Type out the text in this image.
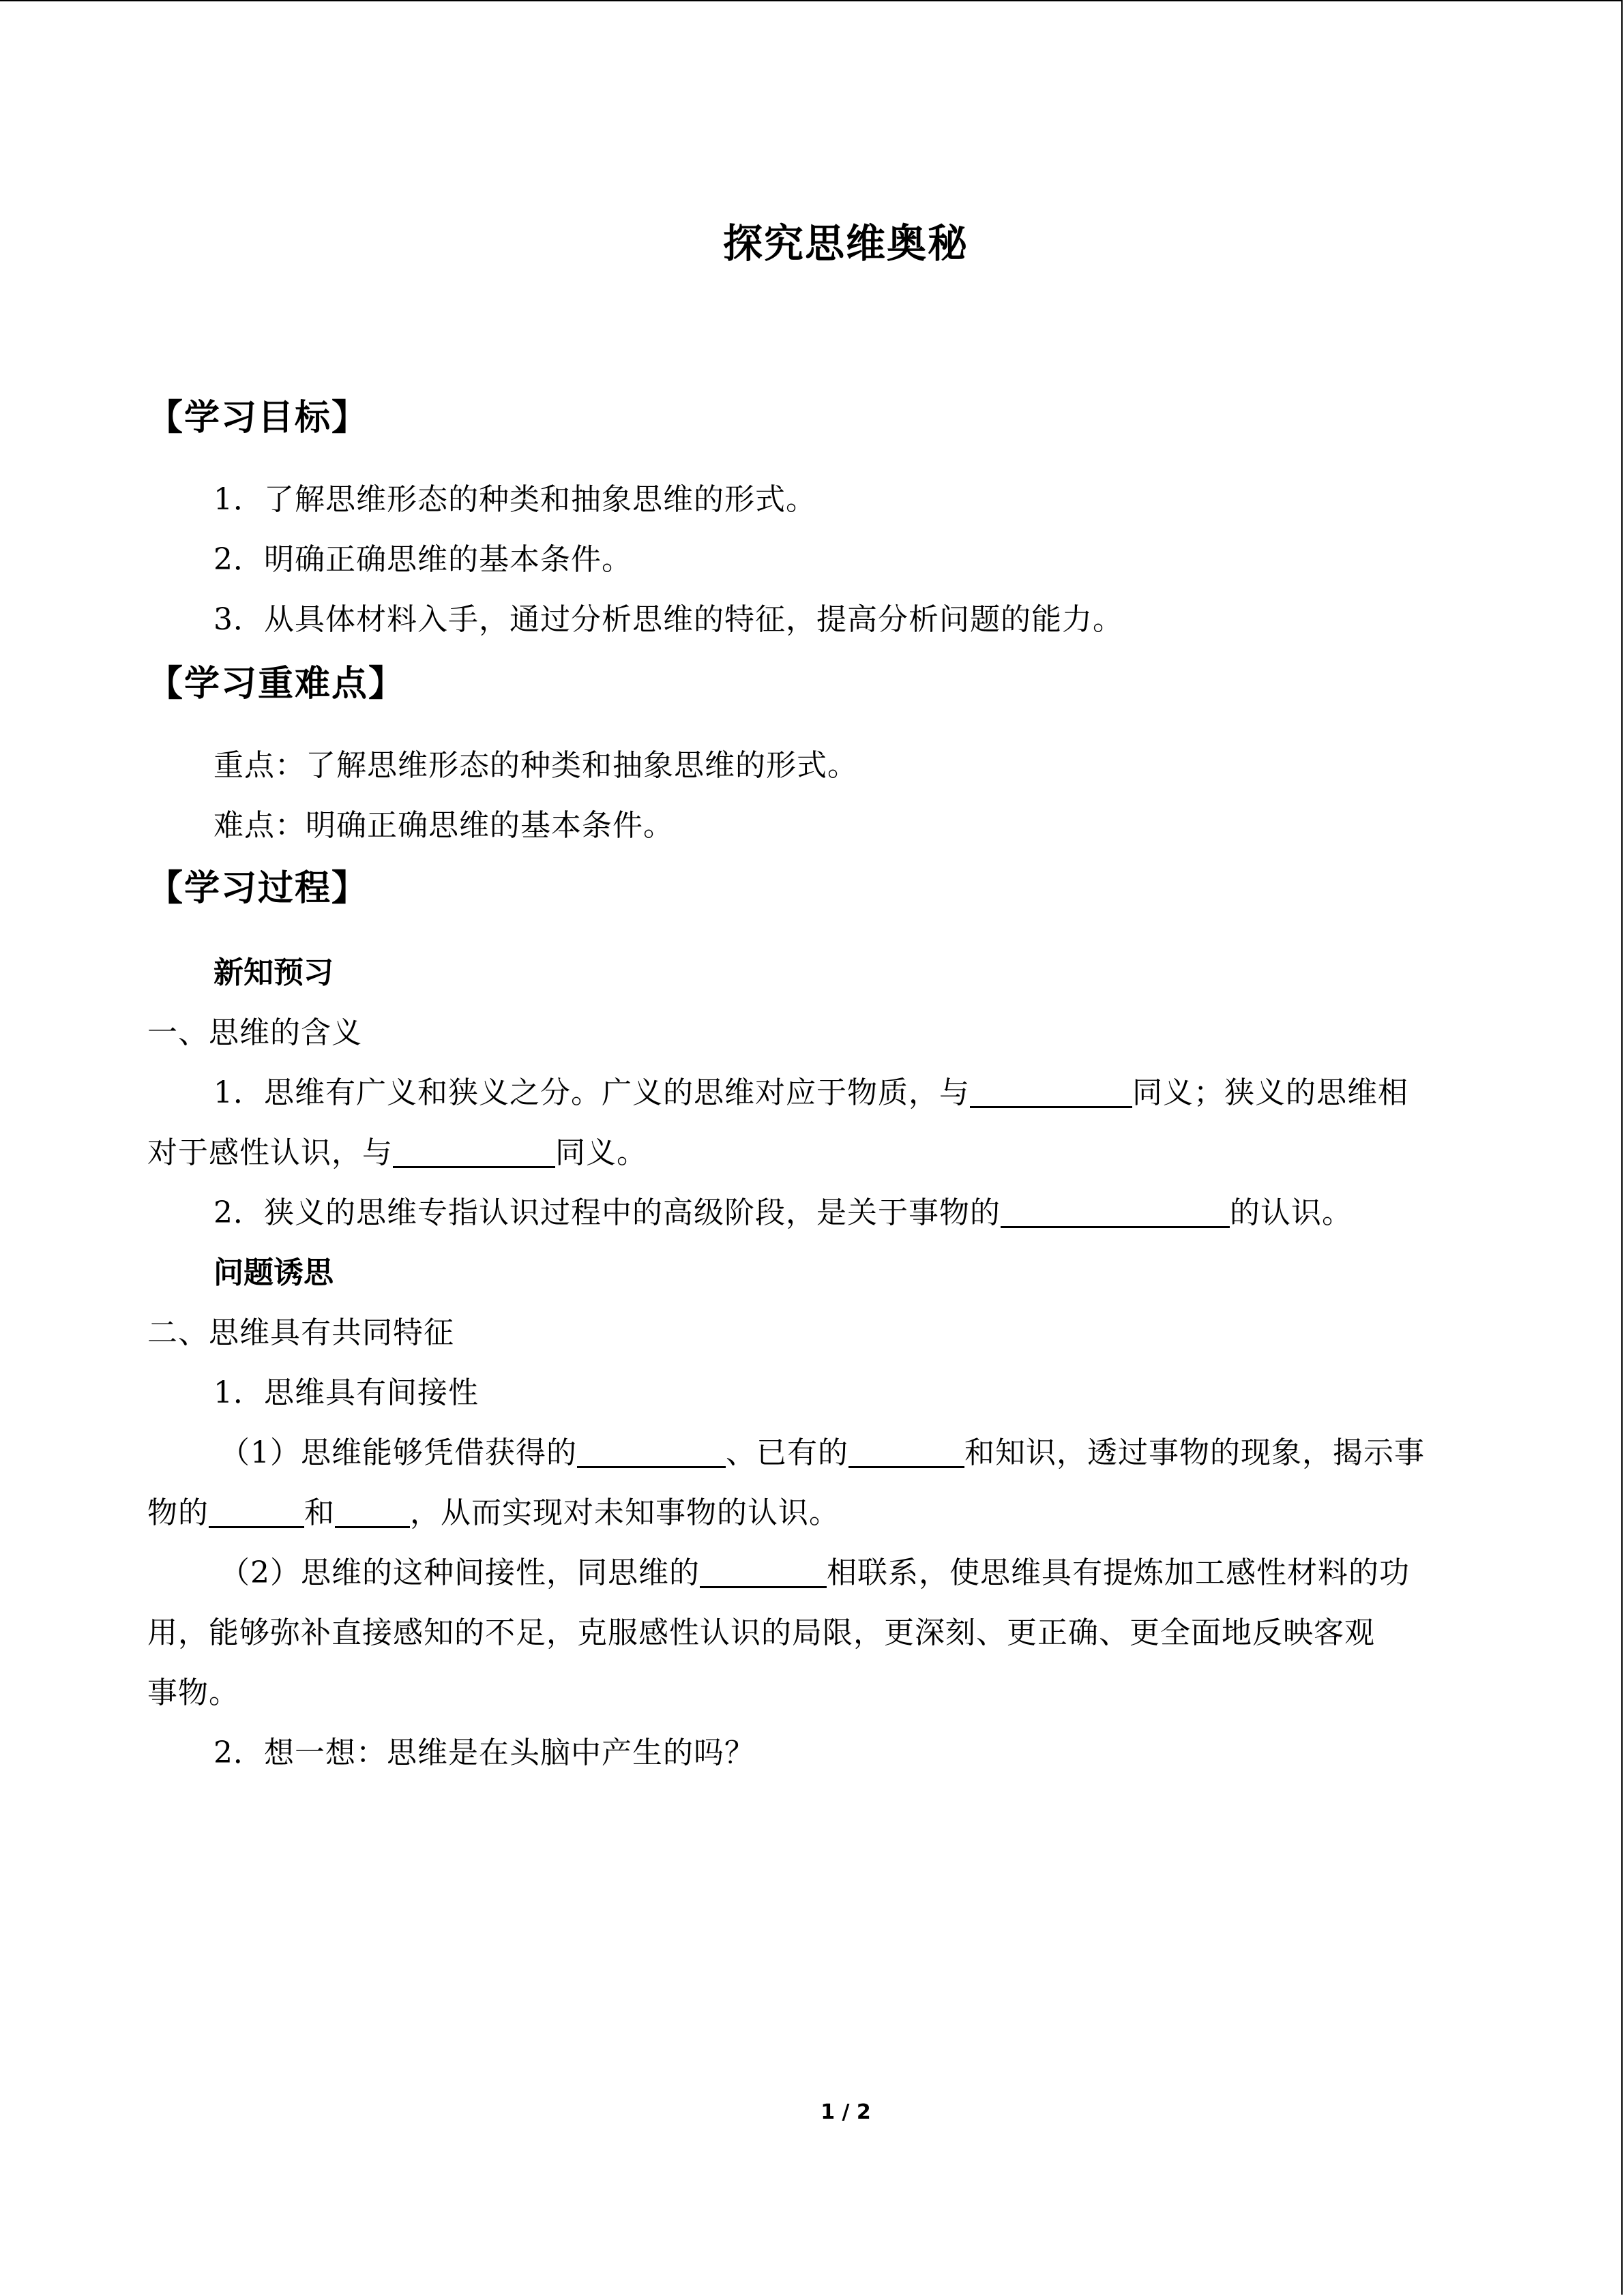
探究思维奥秘
【学习目标】
1．了解思维形态的种类和抽象思维的形式。
2．明确正确思维的基本条件。
3．从具体材料入手，通过分析思维的特征，提高分析问题的能力。
【学习重难点】
重点：了解思维形态的种类和抽象思维的形式。
难点：明确正确思维的基本条件。
【学习过程】
新知预习
一、思维的含义
1．思维有广义和狭义之分。广义的思维对应于物质，与	同义；狭义的思维相
对于感性认识，与	同义。
2．狭义的思维专指认识过程中的高级阶段，是关于事物的	的认识。
问题诱思
二、思维具有共同特征
1．思维具有间接性
（1）思维能够凭借获得的	、已有的	和知识，透过事物的现象，揭示事
物的	和	，从而实现对未知事物的认识。
（2）思维的这种间接性，同思维的	相联系，使思维具有提炼加工感性材料的功
用，能够弥补直接感知的不足，克服感性认识的局限，更深刻、更正确、更全面地反映客观
事物。
2．想一想：思维是在头脑中产生的吗？
1 / 2
